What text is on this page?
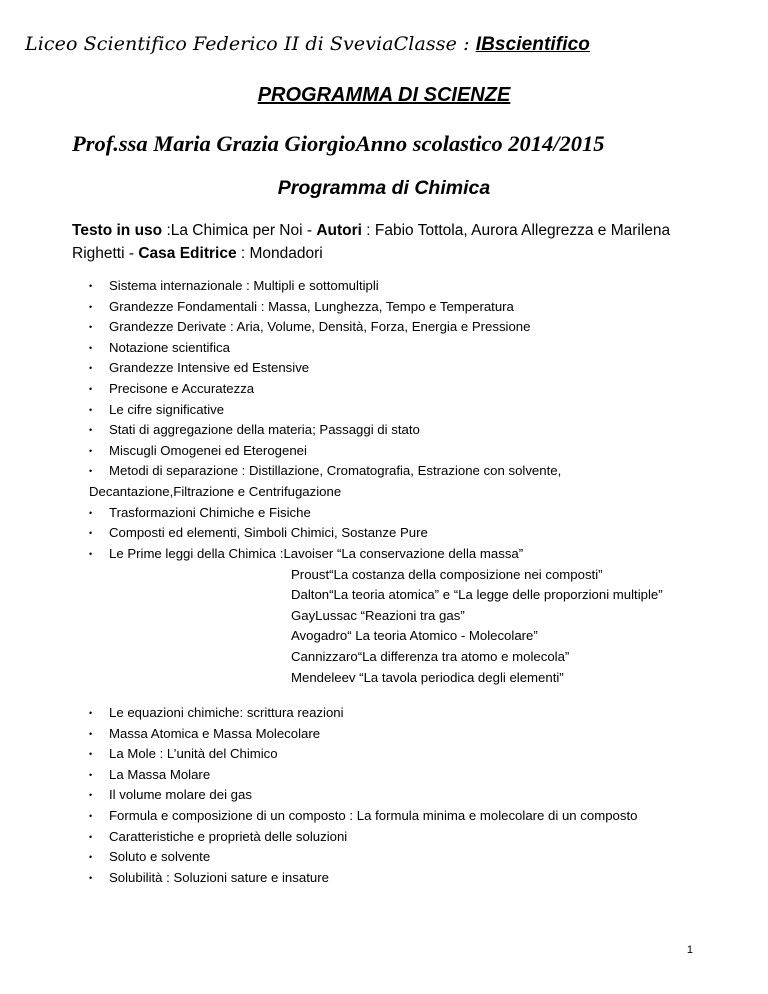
Liceo Scientifico Federico II di SveviaClasse : IBscientifico
PROGRAMMA DI SCIENZE
Prof.ssa Maria Grazia GiorgioAnno scolastico 2014/2015
Programma di Chimica
Testo in uso :La Chimica per Noi - Autori : Fabio Tottola, Aurora Allegrezza e Marilena Righetti - Casa Editrice : Mondadori
• Sistema internazionale : Multipli e sottomultipli
• Grandezze Fondamentali : Massa, Lunghezza, Tempo e Temperatura
• Grandezze Derivate : Aria, Volume, Densità, Forza, Energia e Pressione
• Notazione scientifica
• Grandezze Intensive ed Estensive
• Precisone e Accuratezza
• Le cifre significative
• Stati di aggregazione della materia; Passaggi di stato
• Miscugli Omogenei ed Eterogenei
• Metodi di separazione : Distillazione, Cromatografia, Estrazione con solvente,
Decantazione,Filtrazione e Centrifugazione
• Trasformazioni Chimiche e Fisiche
• Composti ed elementi, Simboli Chimici, Sostanze Pure
• Le Prime leggi della Chimica :Lavoiser “La conservazione della massa”
Proust“La costanza della composizione nei composti”
Dalton“La teoria atomica” e “La legge delle proporzioni multiple”
GayLussac “Reazioni tra gas”
Avogadro“ La teoria Atomico - Molecolare”
Cannizzaro“La differenza tra atomo e molecola”
Mendeleev “La tavola periodica degli elementi”
• Le equazioni chimiche: scrittura reazioni
• Massa Atomica e Massa Molecolare
• La Mole : L’unità del Chimico
• La Massa Molare
• Il volume molare dei gas
• Formula e composizione di un composto : La formula minima e molecolare di un composto
• Caratteristiche e proprietà delle soluzioni
• Soluto e solvente
• Solubilità : Soluzioni sature e insature
1
